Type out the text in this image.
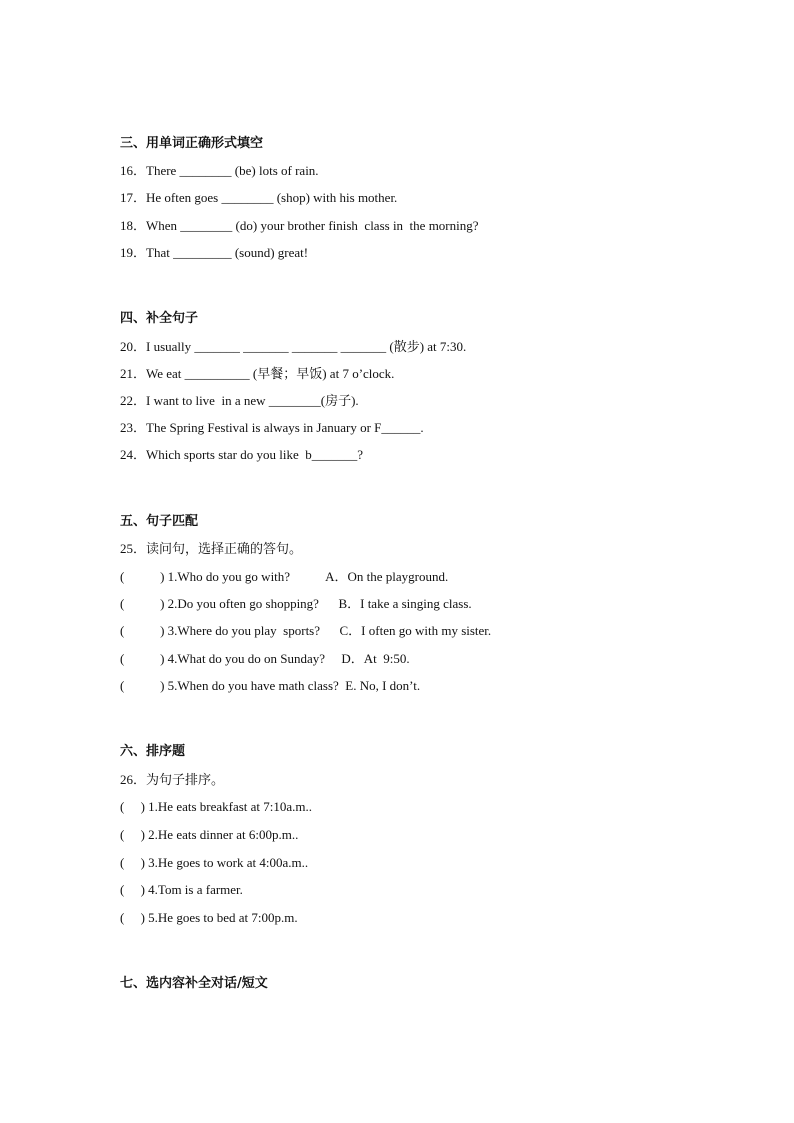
三、用单词正确形式填空
16．There ________ (be) lots of rain.
17．He often goes ________ (shop) with his mother.
18．When ________ (do) your brother finish  class in  the morning?
19．That _________ (sound) great!
四、补全句子
20．I usually _______ _______ _______ _______ (散步) at 7:30.
21．We eat __________ (早餐；早饭) at 7 o’clock.
22．I want to live  in a new ________(房子).
23．The Spring Festival is always in January or F______.
24．Which sports star do you like  b_______?
五、句子匹配
25．读问句，选择正确的答句。
(           ) 1.Who do you go with?           A．On the playground.
(           ) 2.Do you often go shopping?      B．I take a singing class.
(           ) 3.Where do you play  sports?      C．I often go with my sister.
(           ) 4.What do you do on Sunday?     D．At  9:50.
(           ) 5.When do you have math class?  E. No, I don’t.
六、排序题
26．为句子排序。
(     ) 1.He eats breakfast at 7:10a.m..
(     ) 2.He eats dinner at 6:00p.m..
(     ) 3.He goes to work at 4:00a.m..
(     ) 4.Tom is a farmer.
(     ) 5.He goes to bed at 7:00p.m.
七、选内容补全对话/短文
